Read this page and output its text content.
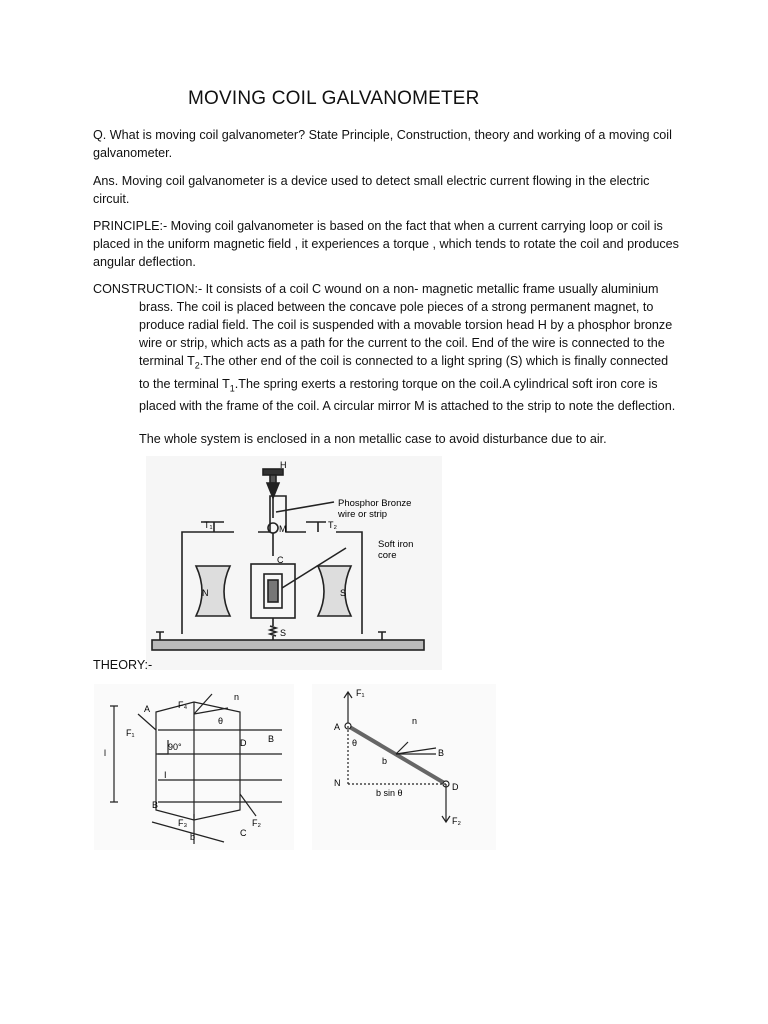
MOVING COIL GALVANOMETER

Q. What is moving coil galvanometer? State Principle, Construction, theory and working of a moving coil galvanometer.

Ans. Moving coil galvanometer is a device used to detect small electric current flowing in the electric circuit.

PRINCIPLE:- Moving coil galvanometer is based on the fact that when a current carrying loop or coil is placed in the uniform magnetic field , it experiences a torque , which tends to rotate the coil and produces angular deflection.

CONSTRUCTION:- It consists of a coil C wound on a non- magnetic metallic frame usually aluminium

brass. The coil is placed between the concave pole pieces of a strong permanent magnet, to produce radial field. The coil is suspended with a movable torsion head H by a phosphor bronze wire or strip, which acts as a path for the current to the coil. End of the wire is connected to the terminal $T_2.The$ other end of the coil is connected to a light spring (S) which is finally connected to the terminal $T_1.The$ spring exerts a restoring torque on the coil.A cylindrical soft iron core is placed with the frame of the coil. A circular mirror M is attached to the strip to note the deflection.

The whole system is enclosed in a non metallic case to avoid disturbance due to air.

H
M
C
N	S
S
T₁	T₂
Phosphor Bronze
wire or strip
Soft iron
core

THEORY:-

A
B
C
D
F₁
F₂
F₃
F₄
n
B
θ
90°
I
l
b
F₁
F₂
A
D
N
n
B
θ
b
b sin θ
